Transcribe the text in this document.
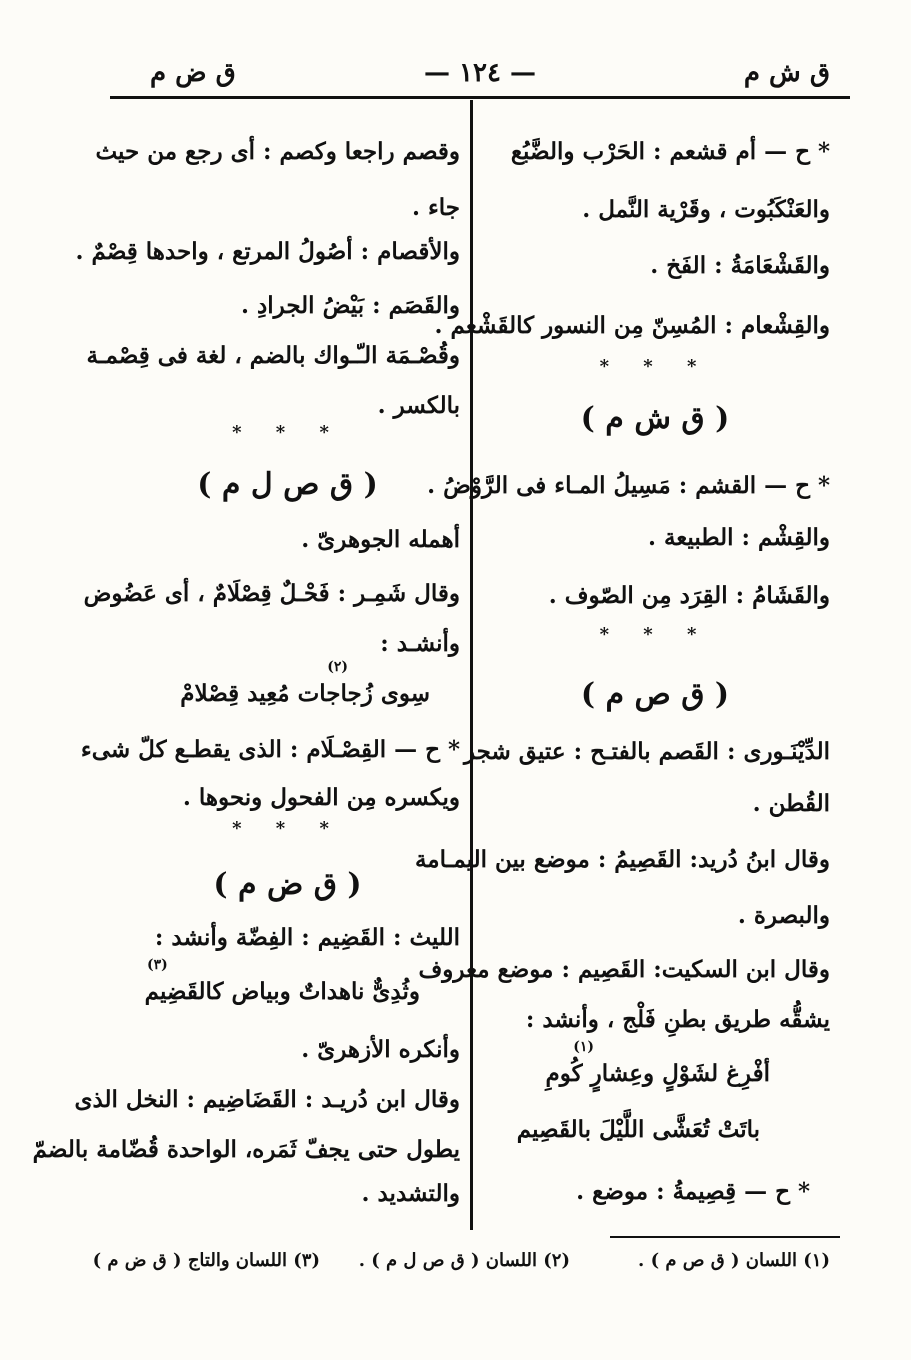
ق ش م
— ١٢٤ —
ق ض م
* ح — أم قشعم : الحَرْب والضَّبُع
والعَنْكَبُوت ، وقَرْية النَّمل .
والقَشْعَامَةُ : الفَخ .
والقِشْعام : المُسِنّ مِن النسور كالقَشْعم .
* * *
( ق ش م )
* ح — القشم : مَسِيلُ المـاء فى الرَّوْضُ .
والقِشْم : الطبيعة .
والقَشَامُ : القِرَد مِن الصّوف .
* * *
( ق ص م )
الدِّيْنَـورى : القَصم بالفتـح : عتيق شجر
القُطن .
وقال ابنُ دُريد: القَصِيمُ : موضع بين اليمـامة
والبصرة .
وقال ابن السكيت: القَصِيم : موضع معروف
يشقُّه طريق بطنِ فَلْج ، وأنشد :
(١)
أفْرِغ لشَوْلٍ وعِشارٍ كُومِ
باتَتْ تُعَشَّى اللَّيْلَ بالقَصِيم
* ح — قِصِيمةُ : موضع .
وقصم راجعا وكصم : أى رجع من حيث
جاء .
والأقصام : أصُولُ المرتع ، واحدها قِصْمٌ .
والقَصَم : بَيْضُ الجرادِ .
وقُصْـمَة الـّـواك بالضم ، لغة فى قِصْمـة
بالكسر .
* * *
( ق ص ل م )
أهمله الجوهرىّ .
وقال شَمِـر : فَحْـلٌ قِصْلَامٌ ، أى عَضُوض
وأنشـد :
(٢)
سِوى زُجاجات مُعِيد قِصْلامْ
* ح — القِصْـلَام : الذى يقطـع كلّ شىء
ويكسره مِن الفحول ونحوها .
* * *
( ق ض م )
الليث : القَضِيم : الفِضّة وأنشد :
وثُدِىٌّ ناهداتٌ وبياض كالقَضِيم
(٣)
وأنكره الأزهرىّ .
وقال ابن دُريـد : القَضَاضِيم : النخل الذى
يطول حتى يجفّ ثَمَره، الواحدة قُضّامة بالضمّ
والتشديد .
(١) اللسان ( ق ص م ) .
(٢) اللسان ( ق ص ل م ) .
(٣) اللسان والتاج ( ق ض م )
